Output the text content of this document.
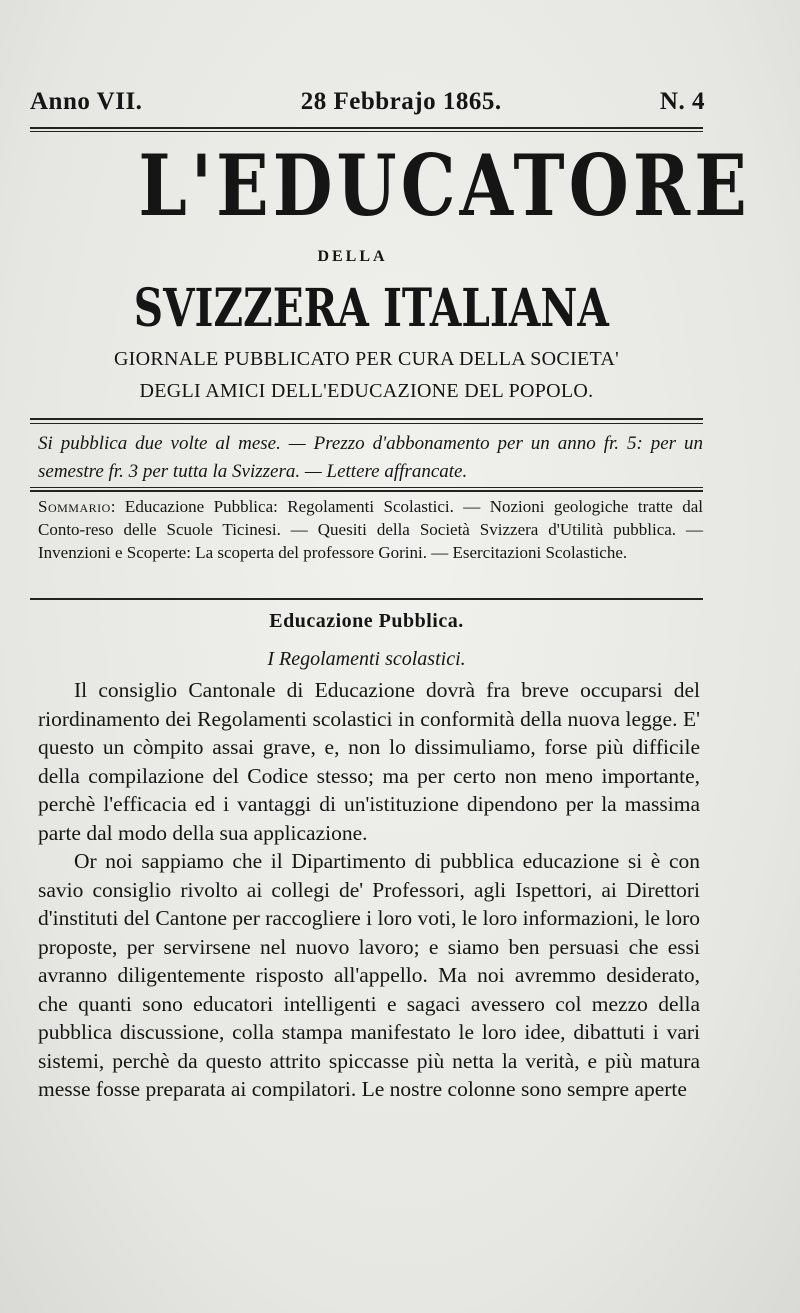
Anno VII.	28 Febbrajo 1865.	N. 4
L'EDUCATORE
DELLA
SVIZZERA ITALIANA
GIORNALE PUBBLICATO PER CURA DELLA SOCIETA'
DEGLI AMICI DELL'EDUCAZIONE DEL POPOLO.
Si pubblica due volte al mese. — Prezzo d'abbonamento per un anno fr. 5: per un semestre fr. 3 per tutta la Svizzera. — Lettere affrancate.
Sommario: Educazione Pubblica: Regolamenti Scolastici. — Nozioni geologiche tratte dal Conto-reso delle Scuole Ticinesi. — Quesiti della Società Svizzera d'Utilità pubblica. — Invenzioni e Scoperte: La scoperta del professore Gorini. — Esercitazioni Scolastiche.
Educazione Pubblica.
I Regolamenti scolastici.

Il consiglio Cantonale di Educazione dovrà fra breve occuparsi del riordinamento dei Regolamenti scolastici in conformità della nuova legge. E' questo un còmpito assai grave, e, non lo dissimuliamo, forse più difficile della compilazione del Codice stesso; ma per certo non meno importante, perchè l'efficacia ed i vantaggi di un'istituzione dipendono per la massima parte dal modo della sua applicazione.

Or noi sappiamo che il Dipartimento di pubblica educazione si è con savio consiglio rivolto ai collegi de' Professori, agli Ispettori, ai Direttori d'instituti del Cantone per raccogliere i loro voti, le loro informazioni, le loro proposte, per servirsene nel nuovo lavoro; e siamo ben persuasi che essi avranno diligentemente risposto all'appello. Ma noi avremmo desiderato, che quanti sono educatori intelligenti e sagaci avessero col mezzo della pubblica discussione, colla stampa manifestato le loro idee, dibattuti i vari sistemi, perchè da questo attrito spiccasse più netta la verità, e più matura messe fosse preparata ai compilatori. Le nostre colonne sono sempre aperte
